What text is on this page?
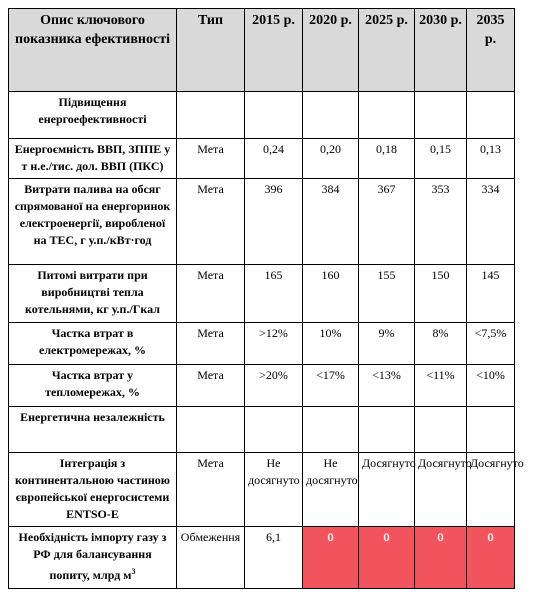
Опис ключового показника ефективності	Тип	2015 р.	2020 р.	2025 р.	2030 р.	2035 р.
Підвищення енергоефективності						
Енергоємність ВВП, ЗППЕ у т н.е./тис. дол. ВВП (ПКС)	Мета	0,24	0,20	0,18	0,15	0,13
Витрати палива на обсяг спрямованої на енергоринок електроенергії, виробленої на ТЕС, г у.п./кВт·год	Мета	396	384	367	353	334
Питомі витрати при виробництві тепла котельнями, кг у.п./Гкал	Мета	165	160	155	150	145
Частка втрат в електромережах, %	Мета	>12%	10%	9%	8%	<7,5%
Частка втрат у тепломережах, %	Мета	>20%	<17%	<13%	<11%	<10%
Енергетична незалежність						
Інтеграція з континентальною частиною європейської енергосистеми ENTSO-E	Мета	Не досягнуто	Не досягнуто	Досягнуто	Досягнуто	Досягнуто
Необхідність імпорту газу з РФ для балансування попиту, млрд $м^3$	Обмеження	6,1	0	0	0	0
